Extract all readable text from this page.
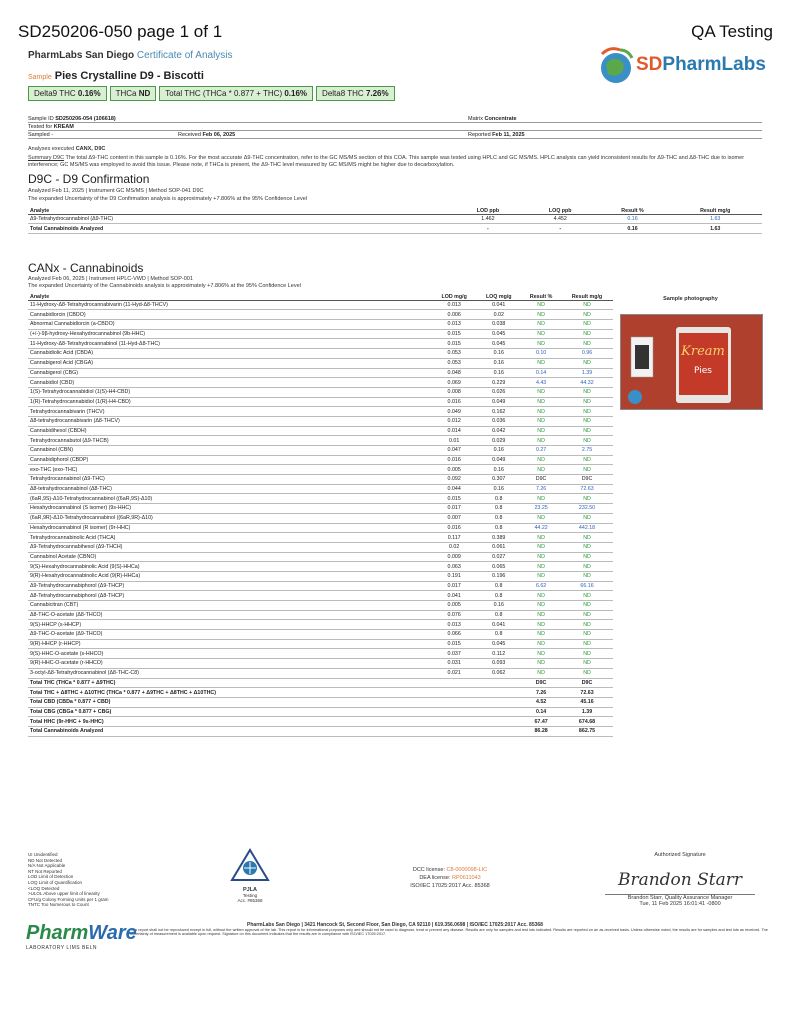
SD250206-050 page 1 of 1	QA Testing
PharmLabs San Diego Certificate of Analysis
Sample Pies Crystalline D9 - Biscotti
Delta9 THC 0.16%	THCa ND	Total THC (THCa * 0.877 + THC) 0.16%	Delta8 THC 7.26%
SDPharmLabs
Sample ID SD250206-054 (106618)	Matrix Concentrate
Tested for KREAM
Sampled -	Received Feb 06, 2025	Reported Feb 11, 2025
Analyses executed CANX, D9C
Summary D9C The total Δ9-THC content in this sample is 0.16%. For the most accurate Δ9-THC concentration, refer to the GC MS/MS section of this COA. This sample was tested using HPLC and GC MS/MS. HPLC analysis can yield inconsistent results for Δ9-THC and Δ8-THC due to isomer interference; GC MS/MS was employed to avoid this issue. Please note, if THCa is present, the Δ9-THC level measured by GC MS/MS might be higher due to decarboxylation.
D9C - D9 Confirmation
Analyzed Feb 11, 2025 | Instrument GC MS/MS | Method SOP-041 D9C
The expanded Uncertainty of the D9 Confirmation analysis is approximately +7.806% at the 95% Confidence Level
Analyte	LOD ppb	LOQ ppb	Result %	Result mg/g
Δ9-Tetrahydrocannabinol (Δ9-THC)	1.462	4.452	0.16	1.63
Total Cannabinoids Analyzed	-	-	0.16	1.63
CANx - Cannabinoids
Analyzed Feb 06, 2025 | Instrument HPLC-VWD | Method SOP-001
The expanded Uncertainty of the Cannabinoids analysis is approximately +7.806% at the 95% Confidence Level
Analyte	LOD mg/g	LOQ mg/g	Result %	Result mg/g
11-Hydroxy-Δ8-Tetrahydrocannabivarin (11-Hyd-Δ8-THCV)	0.013	0.041	ND	ND
Cannabidiorcin (CBDO)	0.006	0.02	ND	ND
Abnormal Cannabidiorcin (a-CBDO)	0.013	0.038	ND	ND
(+/-)-9β-hydroxy-Hexahydrocannabinol (9b-HHC)	0.015	0.045	ND	ND
11-Hydroxy-Δ8-Tetrahydrocannabinol (11-Hyd-Δ8-THC)	0.015	0.045	ND	ND
Cannabidiolic Acid (CBDA)	0.053	0.16	0.10	0.96
Cannabigerol Acid (CBGA)	0.053	0.16	ND	ND
Cannabigerol (CBG)	0.048	0.16	0.14	1.39
Cannabidiol (CBD)	0.069	0.229	4.43	44.32
1(S)-Tetrahydrocannabidiol (1(S)-H4-CBD)	0.008	0.026	ND	ND
1(R)-Tetrahydrocannabidiol (1(R)-H4-CBD)	0.016	0.049	ND	ND
Tetrahydrocannabivarin (THCV)	0.049	0.162	ND	ND
Δ8-tetrahydrocannabivarin (Δ8-THCV)	0.012	0.036	ND	ND
Cannabidihexol (CBDH)	0.014	0.042	ND	ND
Tetrahydrocannabutol (Δ9-THCB)	0.01	0.029	ND	ND
Cannabinol (CBN)	0.047	0.16	0.27	2.75
Cannabidiphorol (CBDP)	0.016	0.049	ND	ND
exo-THC (exo-THC)	0.005	0.16	ND	ND
Tetrahydrocannabinol (Δ9-THC)	0.092	0.307	D9C	D9C
Δ8-tetrahydrocannabinol (Δ8-THC)	0.044	0.16	7.26	72.63
(6aR,9S)-Δ10-Tetrahydrocannabinol ((6aR,9S)-Δ10)	0.015	0.8	ND	ND
Hexahydrocannabinol (S isomer) (9s-HHC)	0.017	0.8	23.25	232.50
(6aR,9R)-Δ10-Tetrahydrocannabinol ((6aR,9R)-Δ10)	0.007	0.8	ND	ND
Hexahydrocannabinol (R isomer) (9r-HHC)	0.016	0.8	44.22	442.18
Tetrahydrocannabinolic Acid (THCA)	0.117	0.389	ND	ND
Δ9-Tetrahydrocannabihexol (Δ9-THCH)	0.02	0.061	ND	ND
Cannabinol Acetate (CBNO)	0.009	0.027	ND	ND
9(S)-Hexahydrocannabinolic Acid (9(S)-HHCa)	0.063	0.065	ND	ND
9(R)-Hexahydrocannabinolic Acid (9(R)-HHCa)	0.191	0.196	ND	ND
Δ9-Tetrahydrocannabiphorol (Δ9-THCP)	0.017	0.8	6.62	66.16
Δ8-Tetrahydrocannabiphorol (Δ8-THCP)	0.041	0.8	ND	ND
Cannabicitran (CBT)	0.005	0.16	ND	ND
Δ8-THC-O-acetate (Δ8-THCO)	0.076	0.8	ND	ND
9(S)-HHCP (s-HHCP)	0.013	0.041	ND	ND
Δ9-THC-O-acetate (Δ9-THCO)	0.066	0.8	ND	ND
9(R)-HHCP (r-HHCP)	0.015	0.045	ND	ND
9(S)-HHC-O-acetate (s-HHCO)	0.037	0.112	ND	ND
9(R)-HHC-O-acetate (r-HHCO)	0.031	0.093	ND	ND
3-octyl-Δ8-Tetrahydrocannabinol (Δ8-THC-C8)	0.021	0.062	ND	ND
Total THC (THCa * 0.877 + Δ9THC)			D9C	D9C
Total THC + Δ8THC + Δ10THC (THCa * 0.877 + Δ9THC + Δ8THC + Δ10THC)			7.26	72.63
Total CBD (CBDa * 0.877 + CBD)			4.52	45.16
Total CBG (CBGa * 0.877 + CBG)			0.14	1.39
Total HHC (9r-HHC + 9s-HHC)			67.47	674.68
Total Cannabinoids Analyzed			86.28	862.75
Sample photography
Kream
Pies
UI Unidentified
ND Not Detected
N/A Not Applicable
NT Not Reported
LOD Limit of Detection
LOQ Limit of Quantification
<LOQ Detected
>ULOL Above upper limit of linearity
CFU/g Colony Forming Units per 1 gram
TNTC Too Numerous to Count
PJLA
Testing
Acc. #85368
DCC license: C8-0000098-LIC
DEA license: RP0611043
ISO/IEC 17025:2017 Acc. 85368
Authorized Signature
Brandon Starr
Brandon Starr, Quality Assurance Manager
Tue, 11 Feb 2025 16:01:41 -0800
PharmLabs San Diego | 3421 Hancock St, Second Floor, San Diego, CA 92110 | 619.356.0698 | ISO/IEC 17025:2017 Acc. 85368
This report shall not be reproduced except in full, without the written approval of the lab. This report is for informational purposes only and should not be used to diagnose, treat or prevent any disease. Results are only for samples and test lots indicated. Results are reported on an as-received basis. Unless otherwise noted, the results are for samples and test lots as received. The uncertainty of measurement is available upon request. Signature on this document indicates that the results are in compliance with ISO/IEC 17025:2017.
PharmWare
LABORATORY LIMS BELN
